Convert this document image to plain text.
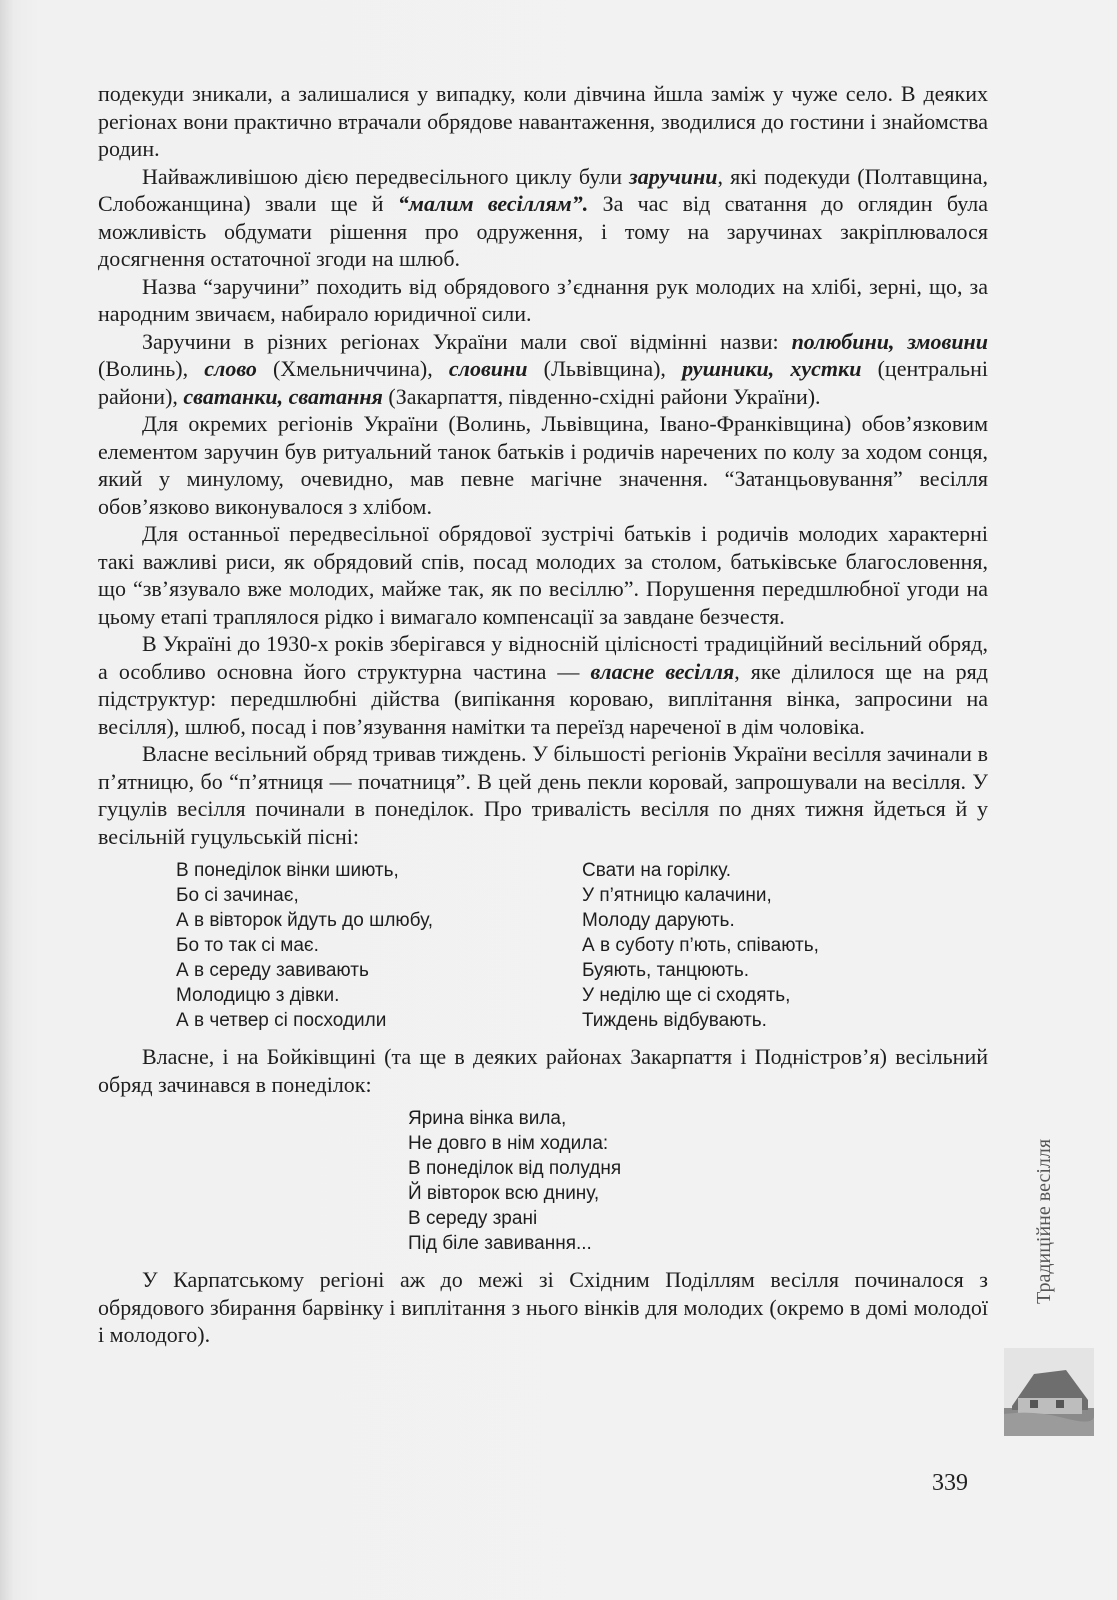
подекуди зникали, а залишалися у випадку, коли дівчина йшла заміж у чуже село. В деяких регіонах вони практично втрачали обрядове навантаження, зводилися до гостини і знайомства родин.

Найважливішою дією передвесільного циклу були заручини, які подекуди (Полтавщина, Слобожанщина) звали ще й “малим весіллям”. За час від сватання до оглядин була можливість обдумати рішення про одруження, і тому на заручинах закріплювалося досягнення остаточної згоди на шлюб.

Назва “заручини” походить від обрядового з’єднання рук молодих на хлібі, зерні, що, за народним звичаєм, набирало юридичної сили.

Заручини в різних регіонах України мали свої відмінні назви: полюбини, змовини (Волинь), слово (Хмельниччина), словини (Львівщина), рушники, хустки (центральні райони), сватанки, сватання (Закарпаття, південно-східні райони України).

Для окремих регіонів України (Волинь, Львівщина, Івано-Франківщина) обов’язковим елементом заручин був ритуальний танок батьків і родичів наречених по колу за ходом сонця, який у минулому, очевидно, мав певне магічне значення. “Затанцьовування” весілля обов’язково виконувалося з хлібом.

Для останньої передвесільної обрядової зустрічі батьків і родичів молодих характерні такі важливі риси, як обрядовий спів, посад молодих за столом, батьківське благословення, що “зв’язувало вже молодих, майже так, як по весіллю”. Порушення передшлюбної угоди на цьому етапі траплялося рідко і вимагало компенсації за завдане безчестя.

В Україні до 1930-х років зберігався у відносній цілісності традиційний весільний обряд, а особливо основна його структурна частина — власне весілля, яке ділилося ще на ряд підструктур: передшлюбні дійства (випікання короваю, виплітання вінка, запросини на весілля), шлюб, посад і пов’язування намітки та переїзд нареченої в дім чоловіка.

Власне весільний обряд тривав тиждень. У більшості регіонів України весілля зачинали в п’ятницю, бо “п’ятниця — початниця”. В цей день пекли коровай, запрошували на весілля. У гуцулів весілля починали в понеділок. Про тривалість весілля по днях тижня йдеться й у весільній гуцульській пісні:

В понеділок вінки шиють,
Бо сі зачинає,
А в вівторок йдуть до шлюбу,
Бо то так сі має.
А в середу завивають
Молодицю з дівки.
А в четвер сі посходили
Свати на горілку.
У п’ятницю калачини,
Молоду дарують.
А в суботу п’ють, співають,
Буяють, танцюють.
У неділю ще сі сходять,
Тиждень відбувають.

Власне, і на Бойківщині (та ще в деяких районах Закарпаття і Подністров’я) весільний обряд зачинався в понеділок:

Ярина вінка вила,
Не довго в нім ходила:
В понеділок від полудня
Й вівторок всю днину,
В середу зрані
Під біле завивання...

У Карпатському регіоні аж до межі зі Східним Поділлям весілля починалося з обрядового збирання барвінку і виплітання з нього вінків для молодих (окремо в домі молодої і молодого).

Традиційне весілля
339
